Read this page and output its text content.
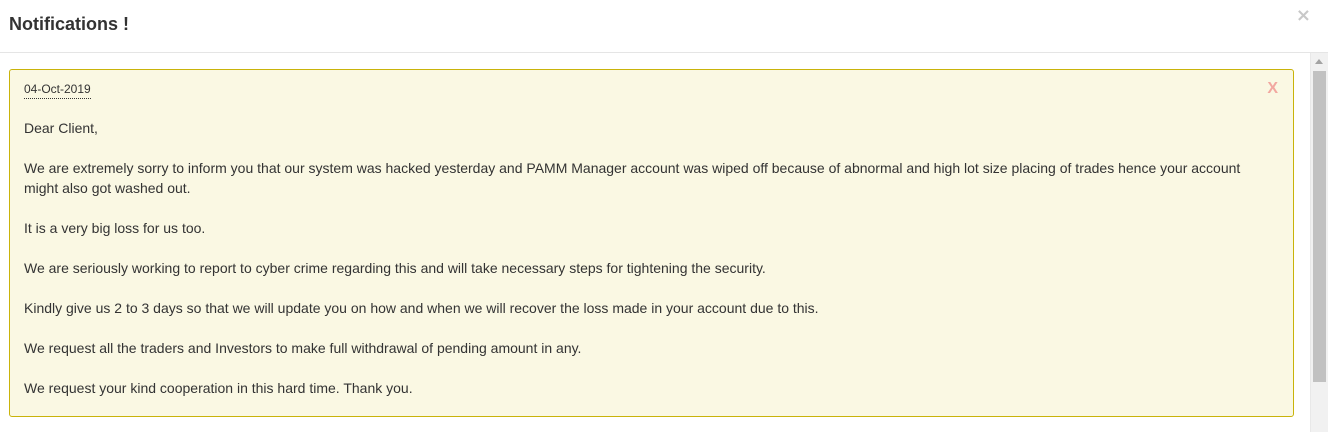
Notifications !	×
04-Oct-2019	X

Dear Client,

We are extremely sorry to inform you that our system was hacked yesterday and PAMM Manager account was wiped off because of abnormal and high lot size placing of trades hence your account might also got washed out.

It is a very big loss for us too.

We are seriously working to report to cyber crime regarding this and will take necessary steps for tightening the security.

Kindly give us 2 to 3 days so that we will update you on how and when we will recover the loss made in your account due to this.

We request all the traders and Investors to make full withdrawal of pending amount in any.

We request your kind cooperation in this hard time. Thank you.
